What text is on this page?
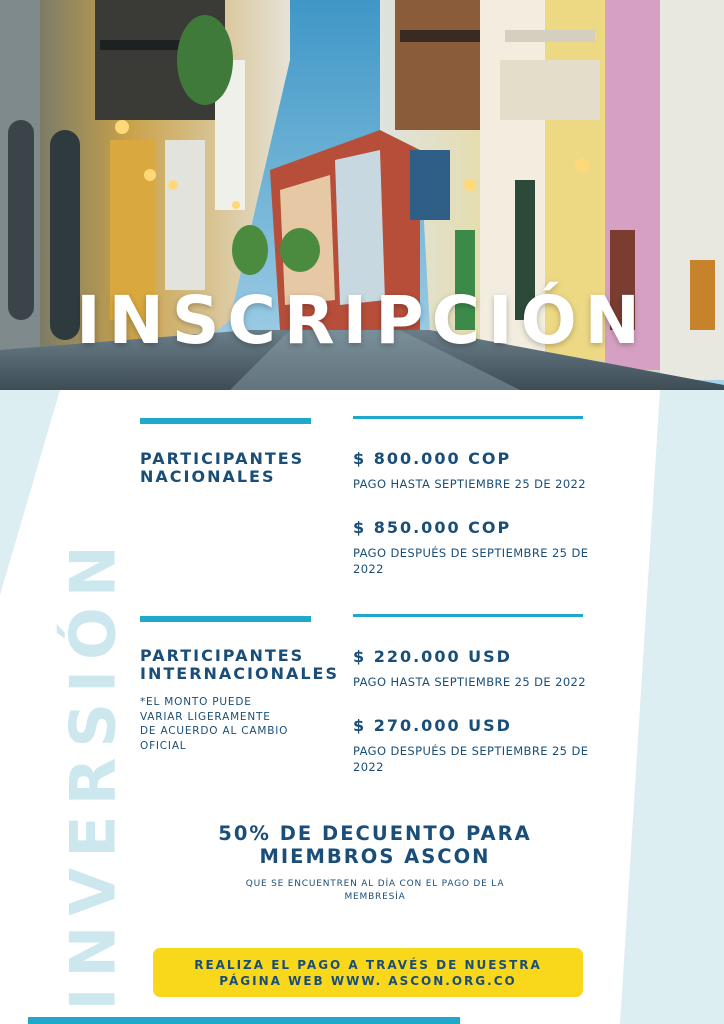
INSCRIPCIÓN
INVERSIÓN
PARTICIPANTES
NACIONALES
$ 800.000 COP
PAGO HASTA SEPTIEMBRE 25 DE 2022
$ 850.000 COP
PAGO DESPUÉS DE SEPTIEMBRE 25 DE 2022
PARTICIPANTES
INTERNACIONALES
*EL MONTO PUEDE VARIAR LIGERAMENTE DE ACUERDO AL CAMBIO OFICIAL
$ 220.000 USD
PAGO HASTA SEPTIEMBRE 25 DE 2022
$ 270.000 USD
PAGO DESPUÉS DE SEPTIEMBRE 25 DE 2022
50% DE DECUENTO PARA MIEMBROS ASCON
QUE SE ENCUENTREN AL DÍA CON EL PAGO DE LA MEMBRESÍA
REALIZA EL PAGO A TRAVÉS DE NUESTRA PÁGINA WEB WWW. ASCON.ORG.CO
